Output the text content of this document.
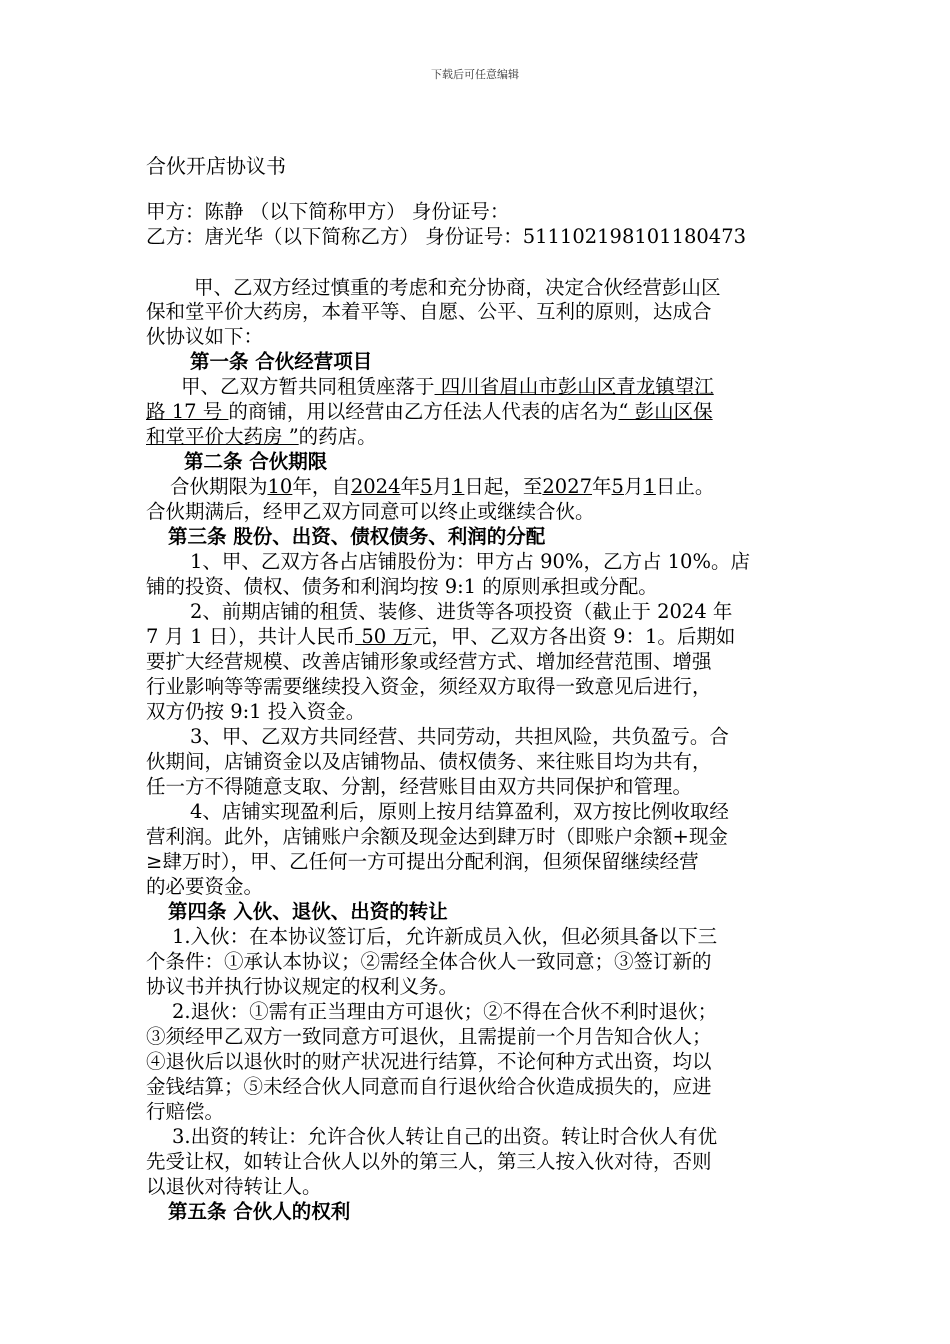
下载后可任意编辑
合伙开店协议书
甲方：陈静 （以下简称甲方） 身份证号：
乙方：唐光华（以下简称乙方） 身份证号：511102198101180473
甲、乙双方经过慎重的考虑和充分协商，决定合伙经营彭山区
保和堂平价大药房，本着平等、自愿、公平、互利的原则，达成合
伙协议如下：
第一条 合伙经营项目
甲、乙双方暂共同租赁座落于 四川省眉山市彭山区青龙镇望江
路 17 号 的商铺，用以经营由乙方任法人代表的店名为“ 彭山区保
和堂平价大药房 ”的药店。
第二条 合伙期限
合伙期限为10年，自2024年5月1日起，至2027年5月1日止。
合伙期满后，经甲乙双方同意可以终止或继续合伙。
第三条 股份、出资、债权债务、利润的分配
1、甲、乙双方各占店铺股份为：甲方占 90%，乙方占 10%。店
铺的投资、债权、债务和利润均按 9:1 的原则承担或分配。
2、前期店铺的租赁、装修、进货等各项投资（截止于 2024 年
7 月 1 日），共计人民币 50 万元，甲、乙双方各出资 9：1。后期如
要扩大经营规模、改善店铺形象或经营方式、增加经营范围、增强
行业影响等等需要继续投入资金，须经双方取得一致意见后进行，
双方仍按 9:1 投入资金。
3、甲、乙双方共同经营、共同劳动，共担风险，共负盈亏。合
伙期间，店铺资金以及店铺物品、债权债务、来往账目均为共有，
任一方不得随意支取、分割，经营账目由双方共同保护和管理。
4、店铺实现盈利后，原则上按月结算盈利，双方按比例收取经
营利润。此外，店铺账户余额及现金达到肆万时（即账户余额+现金
≥肆万时），甲、乙任何一方可提出分配利润，但须保留继续经营
的必要资金。
第四条 入伙、退伙、出资的转让
1.入伙：在本协议签订后，允许新成员入伙，但必须具备以下三
个条件：①承认本协议；②需经全体合伙人一致同意；③签订新的
协议书并执行协议规定的权利义务。
2.退伙：①需有正当理由方可退伙；②不得在合伙不利时退伙；
③须经甲乙双方一致同意方可退伙，且需提前一个月告知合伙人；
④退伙后以退伙时的财产状况进行结算，不论何种方式出资，均以
金钱结算；⑤未经合伙人同意而自行退伙给合伙造成损失的，应进
行赔偿。
3.出资的转让：允许合伙人转让自己的出资。转让时合伙人有优
先受让权，如转让合伙人以外的第三人，第三人按入伙对待，否则
以退伙对待转让人。
第五条 合伙人的权利
